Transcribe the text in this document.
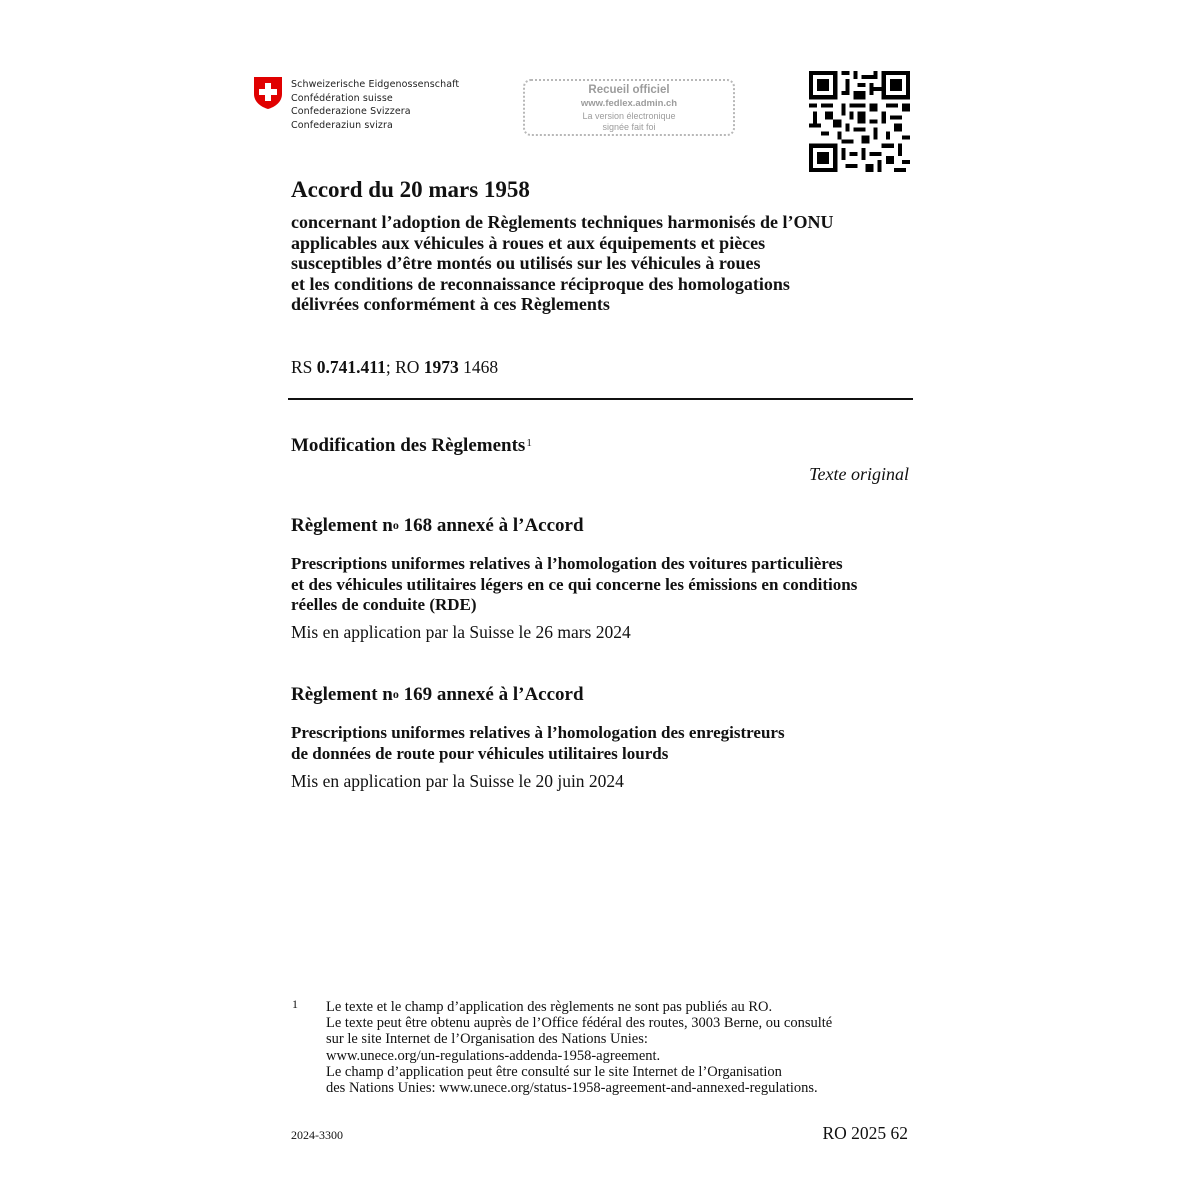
Schweizerische Eidgenossenschaft
Confédération suisse
Confederazione Svizzera
Confederaziun svizra
Recueil officiel
www.fedlex.admin.ch
La version électronique
signée fait foi
Accord du 20 mars 1958
concernant l’adoption de Règlements techniques harmonisés de l’ONU
applicables aux véhicules à roues et aux équipements et pièces
susceptibles d’être montés ou utilisés sur les véhicules à roues
et les conditions de reconnaissance réciproque des homologations
délivrées conformément à ces Règlements
RS 0.741.411; RO 1973 1468
Modification des Règlements$^1$
Texte original
Règlement $n^o$ 168 annexé à l’Accord
Prescriptions uniformes relatives à l’homologation des voitures particulières
et des véhicules utilitaires légers en ce qui concerne les émissions en conditions
réelles de conduite (RDE)
Mis en application par la Suisse le 26 mars 2024
Règlement $n^o$ 169 annexé à l’Accord
Prescriptions uniformes relatives à l’homologation des enregistreurs
de données de route pour véhicules utilitaires lourds
Mis en application par la Suisse le 20 juin 2024
1 Le texte et le champ d’application des règlements ne sont pas publiés au RO.
Le texte peut être obtenu auprès de l’Office fédéral des routes, 3003 Berne, ou consulté
sur le site Internet de l’Organisation des Nations Unies:
www.unece.org/un-regulations-addenda-1958-agreement.
Le champ d’application peut être consulté sur le site Internet de l’Organisation
des Nations Unies: www.unece.org/status-1958-agreement-and-annexed-regulations.
2024-3300	RO 2025 62
